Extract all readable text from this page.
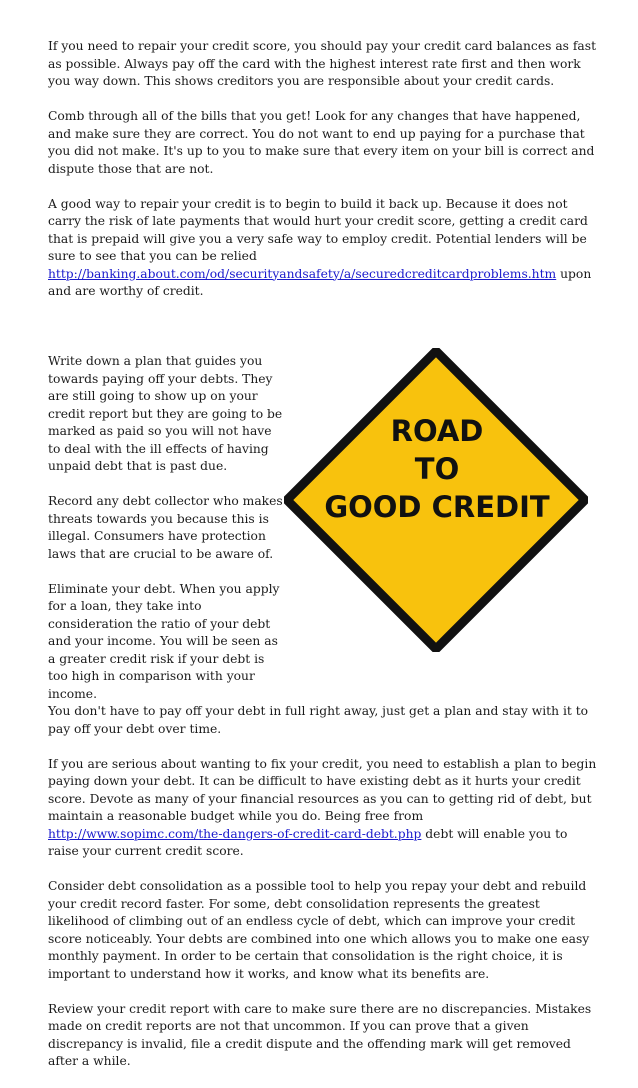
If you need to repair your credit score, you should pay your credit card balances as fast as possible. Always pay off the card with the highest interest rate first and then work you way down. This shows creditors you are responsible about your credit cards.

Comb through all of the bills that you get! Look for any changes that have happened, and make sure they are correct. You do not want to end up paying for a purchase that you did not make. It's up to you to make sure that every item on your bill is correct and dispute those that are not.

A good way to repair your credit is to begin to build it back up. Because it does not carry the risk of late payments that would hurt your credit score, getting a credit card that is prepaid will give you a very safe way to employ credit. Potential lenders will be sure to see that you can be relied http://banking.about.com/od/securityandsafety/a/securedcreditcardproblems.htm upon and are worthy of credit.

ROAD
TO
GOOD CREDIT

Write down a plan that guides you towards paying off your debts. They are still going to show up on your credit report but they are going to be marked as paid so you will not have to deal with the ill effects of having unpaid debt that is past due.

Record any debt collector who makes threats towards you because this is illegal. Consumers have protection laws that are crucial to be aware of.

Eliminate your debt. When you apply for a loan, they take into consideration the ratio of your debt and your income. You will be seen as a greater credit risk if your debt is too high in comparison with your income.
You don't have to pay off your debt in full right away, just get a plan and stay with it to pay off your debt over time.

If you are serious about wanting to fix your credit, you need to establish a plan to begin paying down your debt. It can be difficult to have existing debt as it hurts your credit score. Devote as many of your financial resources as you can to getting rid of debt, but maintain a reasonable budget while you do. Being free from http://www.sopimc.com/the-dangers-of-credit-card-debt.php debt will enable you to raise your current credit score.

Consider debt consolidation as a possible tool to help you repay your debt and rebuild your credit record faster. For some, debt consolidation represents the greatest likelihood of climbing out of an endless cycle of debt, which can improve your credit score noticeably. Your debts are combined into one which allows you to make one easy monthly payment. In order to be certain that consolidation is the right choice, it is important to understand how it works, and know what its benefits are.

Review your credit report with care to make sure there are no discrepancies. Mistakes made on credit reports are not that uncommon. If you can prove that a given discrepancy is invalid, file a credit dispute and the offending mark will get removed after a while.
